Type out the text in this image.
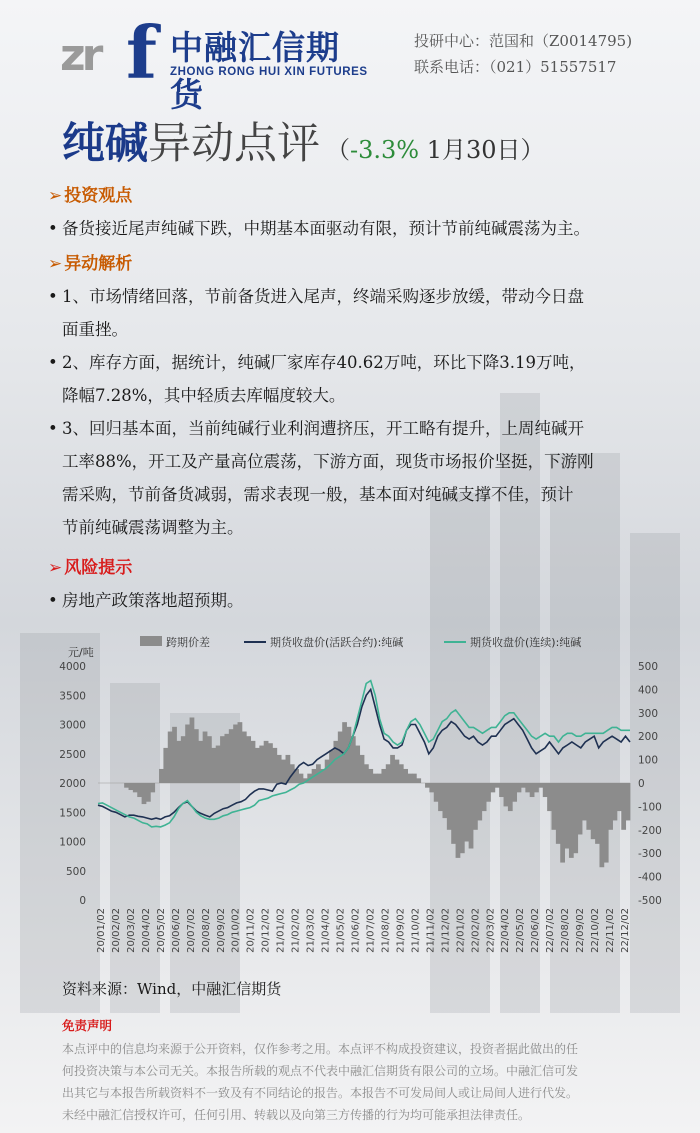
zr f 中融汇信期货
ZHONG RONG HUI XIN FUTURES
投研中心：范国和（Z0014795)
联系电话：（021）51557517
纯碱异动点评 （-3.3% 1月30日）
➢ 投资观点
• 备货接近尾声纯碱下跌，中期基本面驱动有限，预计节前纯碱震荡为主。
➢ 异动解析
• 1、市场情绪回落，节前备货进入尾声，终端采购逐步放缓，带动今日盘
面重挫。
• 2、库存方面，据统计，纯碱厂家库存40.62万吨，环比下降3.19万吨，
降幅7.28%，其中轻质去库幅度较大。
• 3、回归基本面，当前纯碱行业利润遭挤压，开工略有提升，上周纯碱开
工率88%，开工及产量高位震荡，下游方面，现货市场报价坚挺，下游刚
需采购，节前备货减弱，需求表现一般，基本面对纯碱支撑不佳，预计
节前纯碱震荡调整为主。
➢ 风险提示
• 房地产政策落地超预期。
跨期价差	期货收盘价(活跃合约):纯碱	期货收盘价(连续):纯碱
元/吨
0
500
1000
1500
2000
2500
3000
3500
4000
-500
-400
-300
-200
-100
0
100
200
300
400
500
20/01/02 20/02/02 20/03/02 20/04/02 20/05/02 20/06/02 20/07/02 20/08/02 20/09/02 20/10/02 20/11/02 20/12/02 21/01/02 21/02/02 21/03/02 21/04/02 21/05/02 21/06/02 21/07/02 21/08/02 21/09/02 21/10/02 21/11/02 21/12/02 22/01/02 22/02/02 22/03/02 22/04/02 22/05/02 22/06/02 22/07/02 22/08/02 22/09/02 22/10/02 22/11/02 22/12/02
资料来源：Wind，中融汇信期货
免责声明
本点评中的信息均来源于公开资料，仅作参考之用。本点评不构成投资建议，投资者据此做出的任
何投资决策与本公司无关。本报告所载的观点不代表中融汇信期货有限公司的立场。中融汇信可发
出其它与本报告所载资料不一致及有不同结论的报告。本报告不可发局间人或让局间人进行代发。
未经中融汇信授权许可，任何引用、转载以及向第三方传播的行为均可能承担法律责任。
